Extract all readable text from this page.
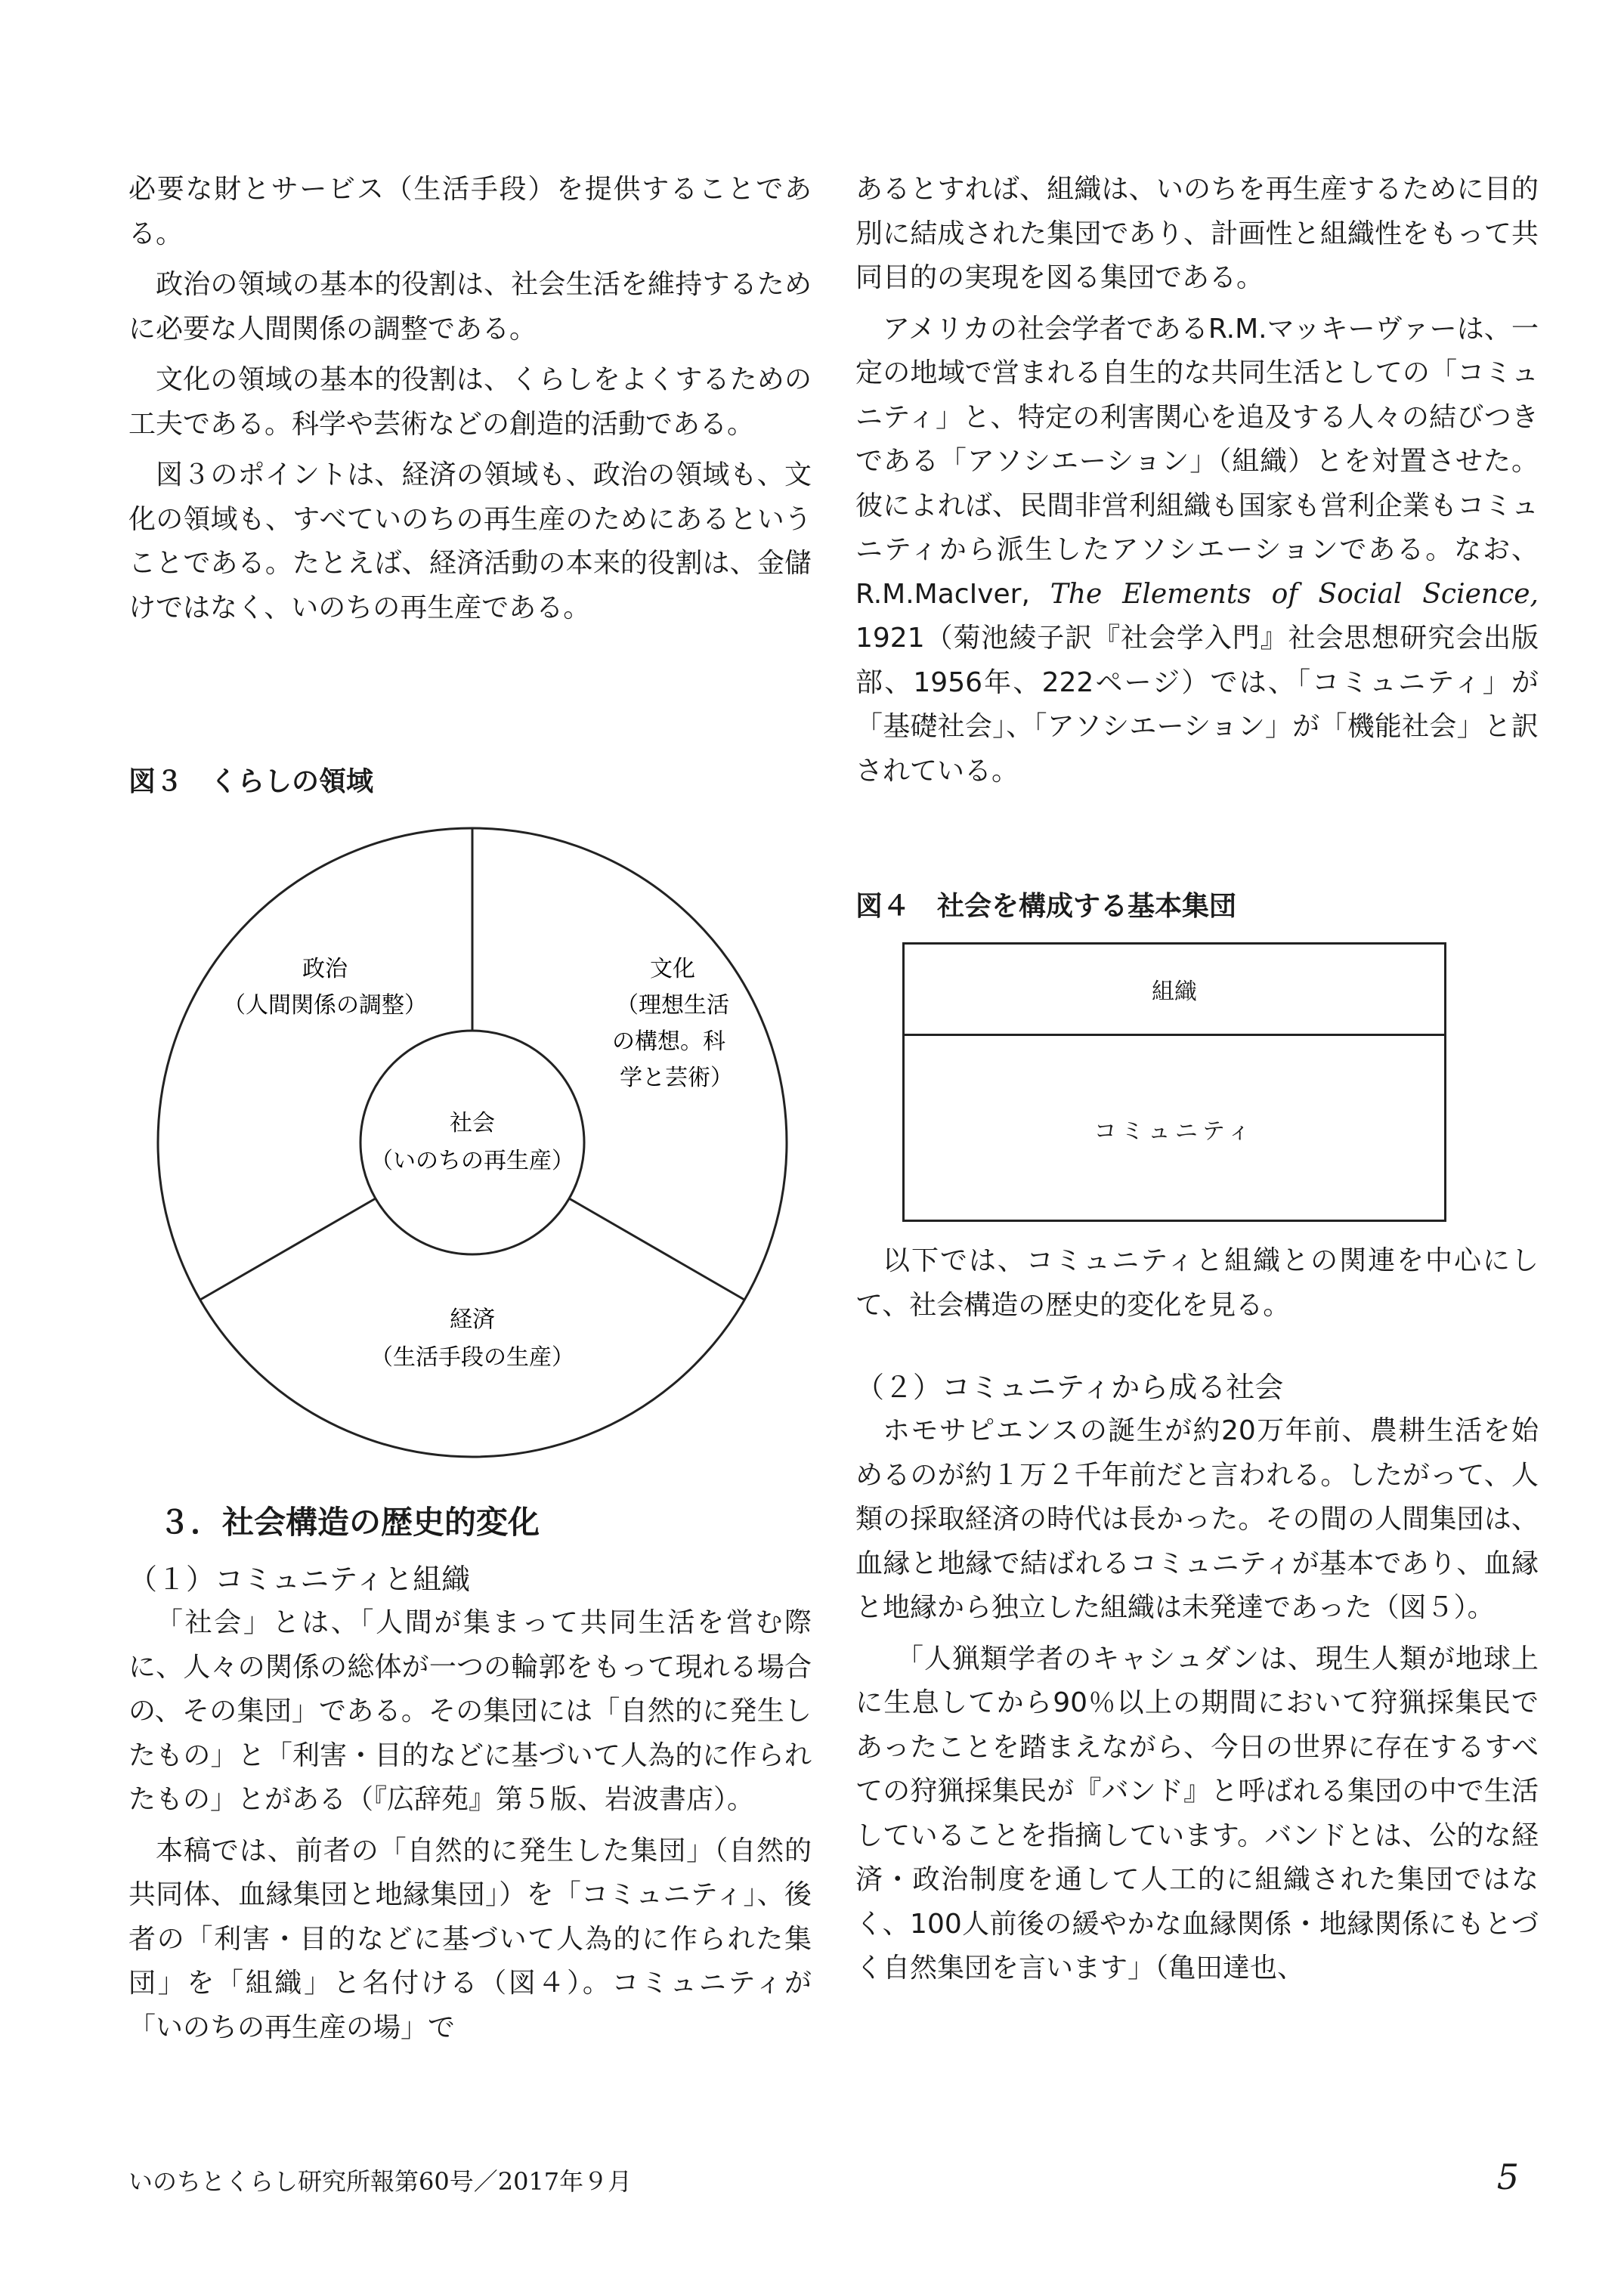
必要な財とサービス（生活手段）を提供することである。

政治の領域の基本的役割は、社会生活を維持するために必要な人間関係の調整である。

文化の領域の基本的役割は、くらしをよくするための工夫である。科学や芸術などの創造的活動である。

図３のポイントは、経済の領域も、政治の領域も、文化の領域も、すべていのちの再生産のためにあるということである。たとえば、経済活動の本来的役割は、金儲けではなく、いのちの再生産である。

図３　くらしの領域

政治
（人間関係の調整）
文化
（理想生活
の構想。科
学と芸術）
社会
（いのちの再生産）
経済
（生活手段の生産）

３．社会構造の歴史的変化

（１）コミュニティと組織

「社会」とは、「人間が集まって共同生活を営む際に、人々の関係の総体が一つの輪郭をもって現れる場合の、その集団」である。その集団には「自然的に発生したもの」と「利害・目的などに基づいて人為的に作られたもの」とがある（『広辞苑』第５版、岩波書店）。

本稿では、前者の「自然的に発生した集団」（自然的共同体、血縁集団と地縁集団」）を「コミュニティ」、後者の「利害・目的などに基づいて人為的に作られた集団」を「組織」と名付ける（図４）。コミュニティが「いのちの再生産の場」で

あるとすれば、組織は、いのちを再生産するために目的別に結成された集団であり、計画性と組織性をもって共同目的の実現を図る集団である。

アメリカの社会学者であるR.M.マッキーヴァーは、一定の地域で営まれる自生的な共同生活としての「コミュニティ」と、特定の利害関心を追及する人々の結びつきである「アソシエーション」（組織）とを対置させた。彼によれば、民間非営利組織も国家も営利企業もコミュニティから派生したアソシエーションである。なお、R.M.MacIver, The Elements of Social Science, 1921（菊池綾子訳『社会学入門』社会思想研究会出版部、1956年、222ページ）では、「コミュニティ」が「基礎社会」、「アソシエーション」が「機能社会」と訳されている。

図４　社会を構成する基本集団

組織
コミュニティ

以下では、コミュニティと組織との関連を中心にして、社会構造の歴史的変化を見る。

（２）コミュニティから成る社会

ホモサピエンスの誕生が約20万年前、農耕生活を始めるのが約１万２千年前だと言われる。したがって、人類の採取経済の時代は長かった。その間の人間集団は、血縁と地縁で結ばれるコミュニティが基本であり、血縁と地縁から独立した組織は未発達であった（図５）。

「人猟類学者のキャシュダンは、現生人類が地球上に生息してから90％以上の期間において狩猟採集民であったことを踏まえながら、今日の世界に存在するすべての狩猟採集民が『バンド』と呼ばれる集団の中で生活していることを指摘しています。バンドとは、公的な経済・政治制度を通して人工的に組織された集団ではなく、100人前後の緩やかな血縁関係・地縁関係にもとづく自然集団を言います」（亀田達也、

いのちとくらし研究所報第60号／2017年９月	5
